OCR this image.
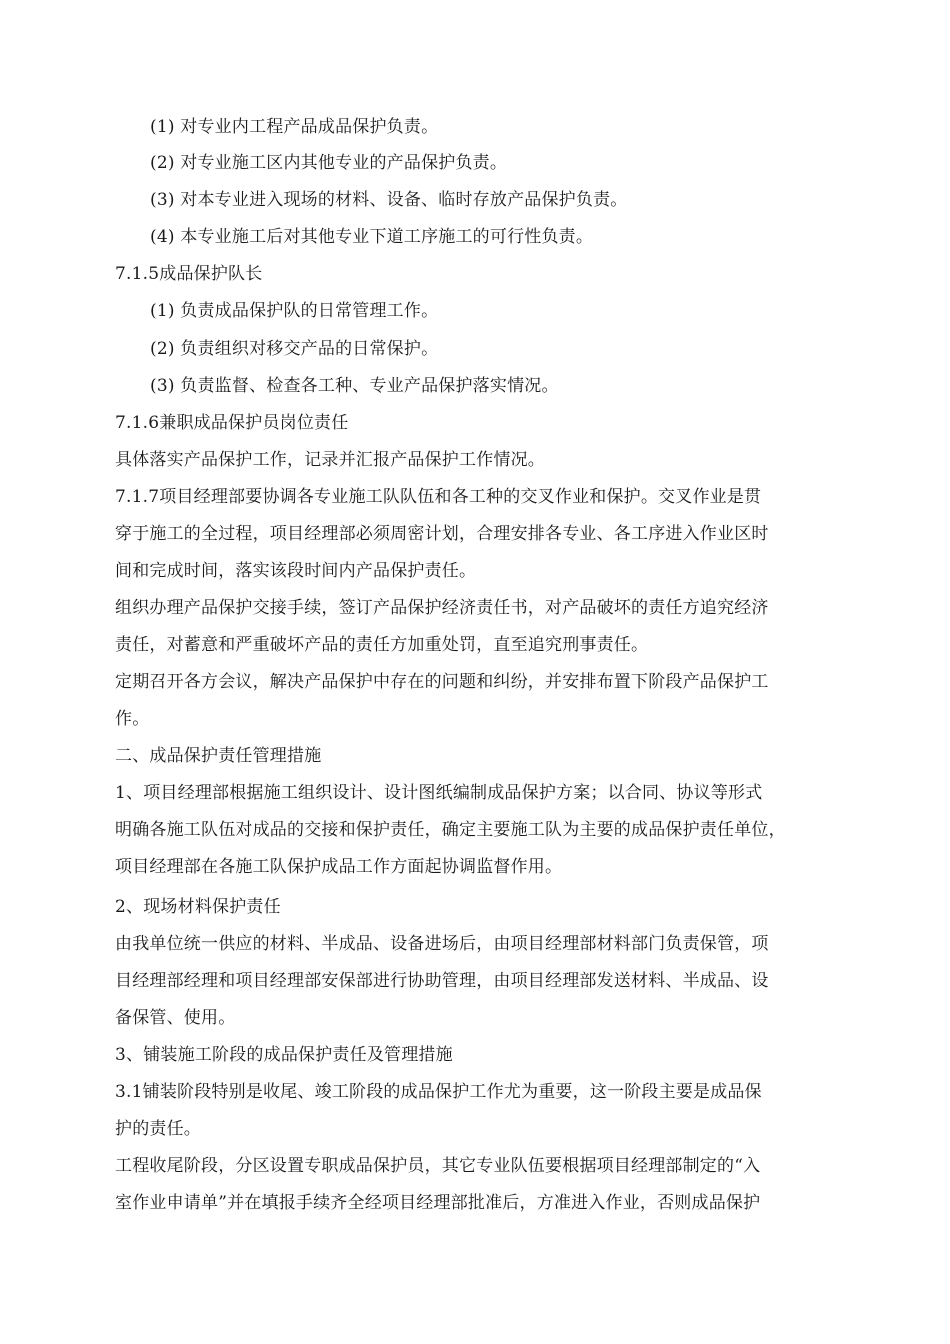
(1) 对专业内工程产品成品保护负责。
(2) 对专业施工区内其他专业的产品保护负责。
(3) 对本专业进入现场的材料、设备、临时存放产品保护负责。
(4) 本专业施工后对其他专业下道工序施工的可行性负责。
7.1.5成品保护队长
(1) 负责成品保护队的日常管理工作。
(2) 负责组织对移交产品的日常保护。
(3) 负责监督、检查各工种、专业产品保护落实情况。
7.1.6兼职成品保护员岗位责任
具体落实产品保护工作，记录并汇报产品保护工作情况。
7.1.7项目经理部要协调各专业施工队队伍和各工种的交叉作业和保护。交叉作业是贯
穿于施工的全过程，项目经理部必须周密计划，合理安排各专业、各工序进入作业区时
间和完成时间，落实该段时间内产品保护责任。
组织办理产品保护交接手续，签订产品保护经济责任书，对产品破坏的责任方追究经济
责任，对蓄意和严重破坏产品的责任方加重处罚，直至追究刑事责任。
定期召开各方会议，解决产品保护中存在的问题和纠纷，并安排布置下阶段产品保护工
作。
二、成品保护责任管理措施
1、项目经理部根据施工组织设计、设计图纸编制成品保护方案；以合同、协议等形式
明确各施工队伍对成品的交接和保护责任，确定主要施工队为主要的成品保护责任单位，
项目经理部在各施工队保护成品工作方面起协调监督作用。
2、现场材料保护责任
由我单位统一供应的材料、半成品、设备进场后，由项目经理部材料部门负责保管，项
目经理部经理和项目经理部安保部进行协助管理，由项目经理部发送材料、半成品、设
备保管、使用。
3、铺装施工阶段的成品保护责任及管理措施
3.1铺装阶段特别是收尾、竣工阶段的成品保护工作尤为重要，这一阶段主要是成品保
护的责任。
工程收尾阶段，分区设置专职成品保护员，其它专业队伍要根据项目经理部制定的“入
室作业申请单”并在填报手续齐全经项目经理部批准后，方准进入作业，否则成品保护
